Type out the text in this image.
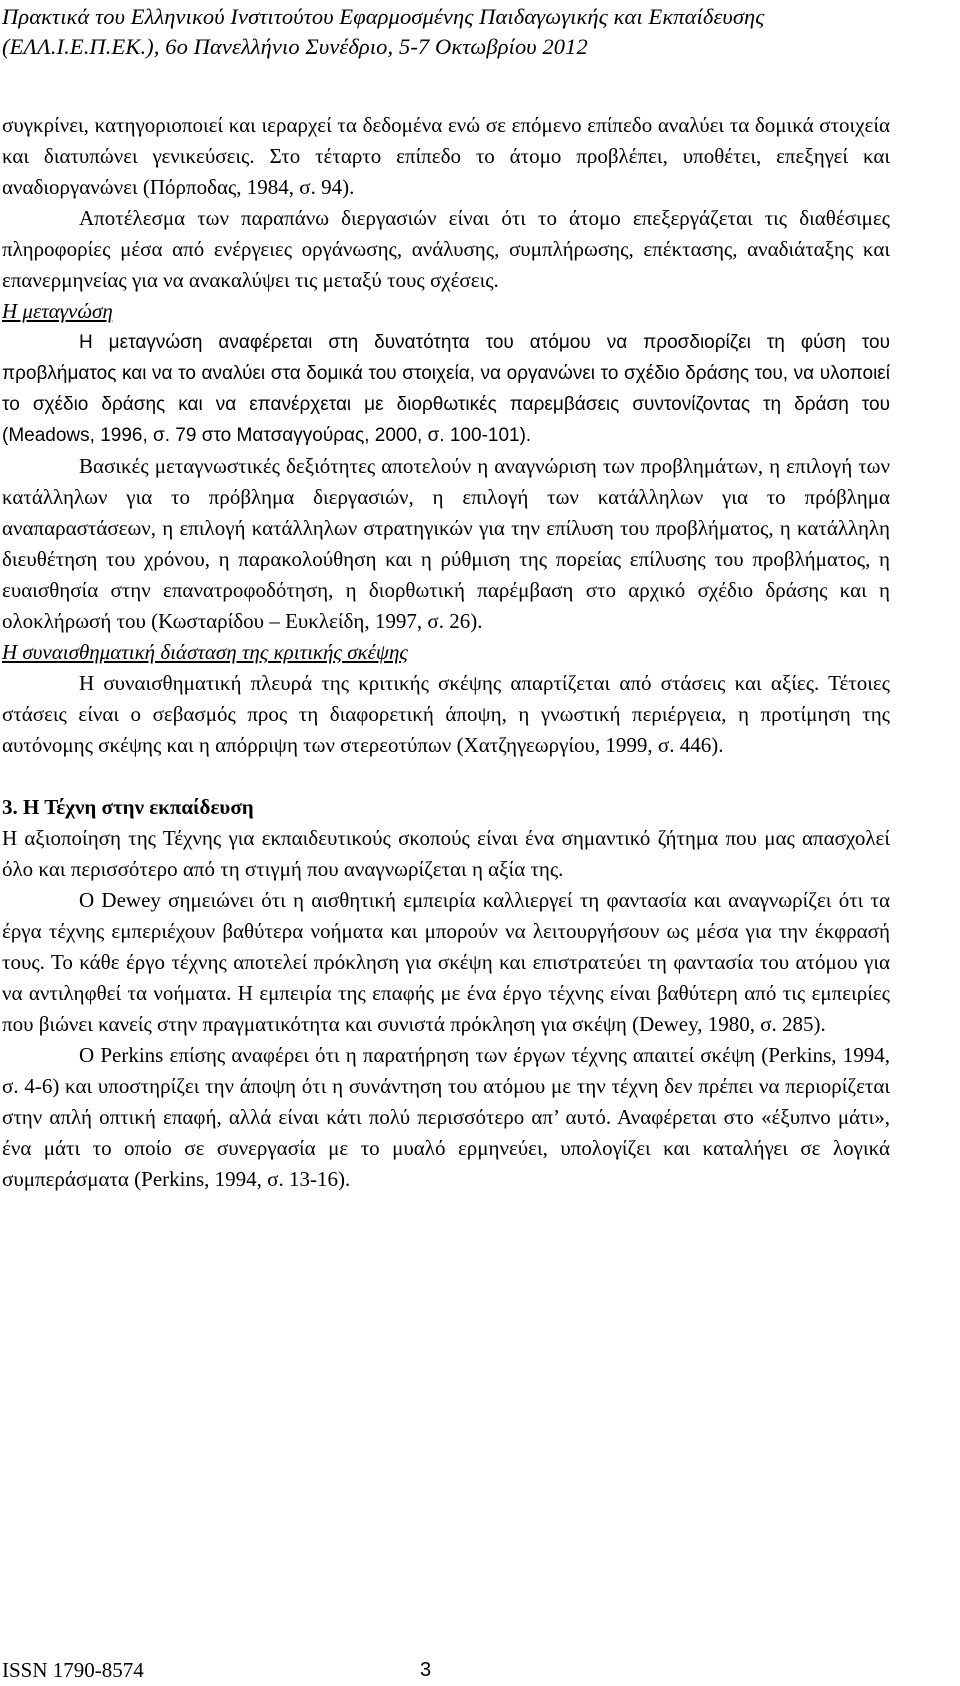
Πρακτικά του Ελληνικού Ινστιτούτου Εφαρμοσμένης Παιδαγωγικής και Εκπαίδευσης
(ΕΛΛ.Ι.Ε.Π.ΕΚ.), 6ο Πανελλήνιο Συνέδριο, 5-7 Οκτωβρίου 2012

συγκρίνει, κατηγοριοποιεί και ιεραρχεί τα δεδομένα ενώ σε επόμενο επίπεδο αναλύει τα δομικά στοιχεία και διατυπώνει γενικεύσεις. Στο τέταρτο επίπεδο το άτομο προβλέπει, υποθέτει, επεξηγεί και αναδιοργανώνει (Πόρποδας, 1984, σ. 94).

Αποτέλεσμα των παραπάνω διεργασιών είναι ότι το άτομο επεξεργάζεται τις διαθέσιμες πληροφορίες μέσα από ενέργειες οργάνωσης, ανάλυσης, συμπλήρωσης, επέκτασης, αναδιάταξης και επανερμηνείας για να ανακαλύψει τις μεταξύ τους σχέσεις.

Η μεταγνώση

Η μεταγνώση αναφέρεται στη δυνατότητα του ατόμου να προσδιορίζει τη φύση του προβλήματος και να το αναλύει στα δομικά του στοιχεία, να οργανώνει το σχέδιο δράσης του, να υλοποιεί το σχέδιο δράσης και να επανέρχεται με διορθωτικές παρεμβάσεις συντονίζοντας τη δράση του (Meadows, 1996, σ. 79 στο Ματσαγγούρας, 2000, σ. 100-101).

Βασικές μεταγνωστικές δεξιότητες αποτελούν η αναγνώριση των προβλημάτων, η επιλογή των κατάλληλων για το πρόβλημα διεργασιών, η επιλογή των κατάλληλων για το πρόβλημα αναπαραστάσεων, η επιλογή κατάλληλων στρατηγικών για την επίλυση του προβλήματος, η κατάλληλη διευθέτηση του χρόνου, η παρακολούθηση και η ρύθμιση της πορείας επίλυσης του προβλήματος, η ευαισθησία στην επανατροφοδότηση, η διορθωτική παρέμβαση στο αρχικό σχέδιο δράσης και η ολοκλήρωσή του (Κωσταρίδου – Ευκλείδη, 1997, σ. 26).

Η συναισθηματική διάσταση της κριτικής σκέψης

Η συναισθηματική πλευρά της κριτικής σκέψης απαρτίζεται από στάσεις και αξίες. Τέτοιες στάσεις είναι ο σεβασμός προς τη διαφορετική άποψη, η γνωστική περιέργεια, η προτίμηση της αυτόνομης σκέψης και η απόρριψη των στερεοτύπων (Χατζηγεωργίου, 1999, σ. 446).

3. Η Τέχνη στην εκπαίδευση

Η αξιοποίηση της Τέχνης για εκπαιδευτικούς σκοπούς είναι ένα σημαντικό ζήτημα που μας απασχολεί όλο και περισσότερο από τη στιγμή που αναγνωρίζεται η αξία της.

Ο Dewey σημειώνει ότι η αισθητική εμπειρία καλλιεργεί τη φαντασία και αναγνωρίζει ότι τα έργα τέχνης εμπεριέχουν βαθύτερα νοήματα και μπορούν να λειτουργήσουν ως μέσα για την έκφρασή τους. Το κάθε έργο τέχνης αποτελεί πρόκληση για σκέψη και επιστρατεύει τη φαντασία του ατόμου για να αντιληφθεί τα νοήματα. Η εμπειρία της επαφής με ένα έργο τέχνης είναι βαθύτερη από τις εμπειρίες που βιώνει κανείς στην πραγματικότητα και συνιστά πρόκληση για σκέψη (Dewey, 1980, σ. 285).

Ο Perkins επίσης αναφέρει ότι η παρατήρηση των έργων τέχνης απαιτεί σκέψη (Perkins, 1994, σ. 4-6) και υποστηρίζει την άποψη ότι η συνάντηση του ατόμου με την τέχνη δεν πρέπει να περιορίζεται στην απλή οπτική επαφή, αλλά είναι κάτι πολύ περισσότερο απ’ αυτό. Αναφέρεται στο «έξυπνο μάτι», ένα μάτι το οποίο σε συνεργασία με το μυαλό ερμηνεύει, υπολογίζει και καταλήγει σε λογικά συμπεράσματα (Perkins, 1994, σ. 13-16).

ISSN 1790-8574	3
